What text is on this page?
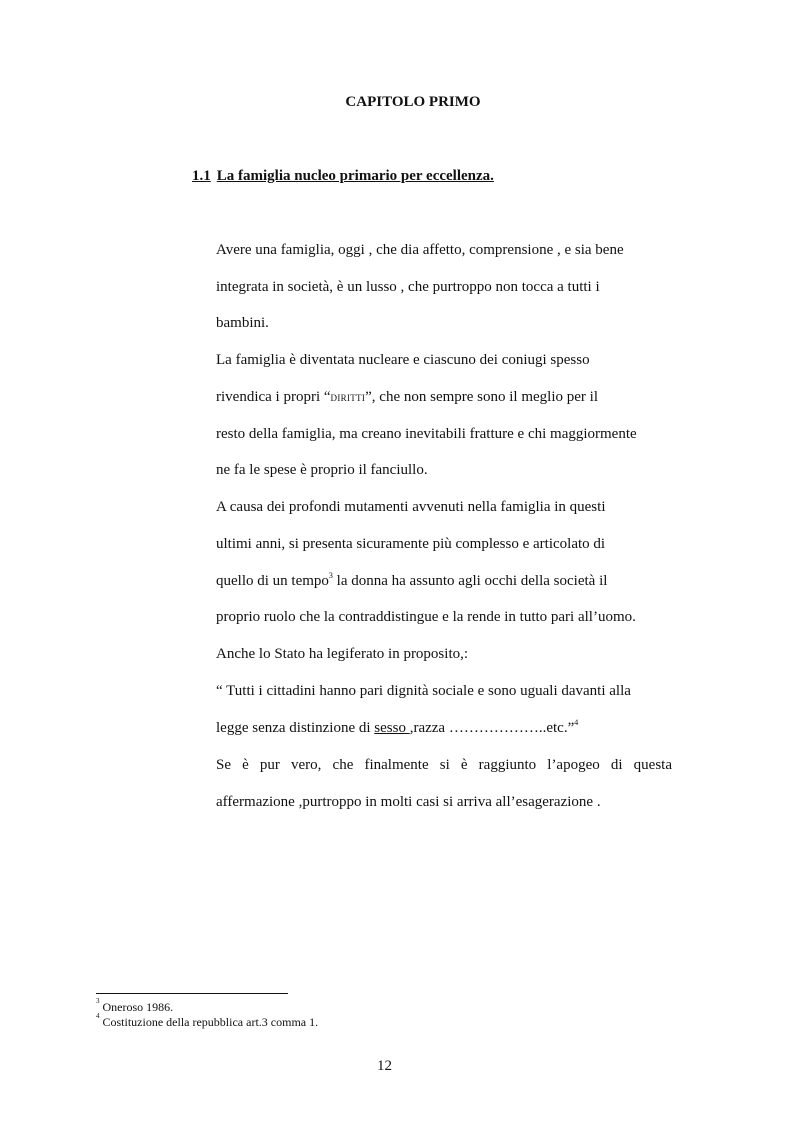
CAPITOLO PRIMO
1.1 La famiglia nucleo primario per eccellenza.
Avere una famiglia, oggi , che dia affetto, comprensione , e sia bene
integrata in società, è un lusso , che purtroppo non tocca a tutti i
bambini.
La famiglia è diventata nucleare e ciascuno dei coniugi spesso
rivendica i propri “diritti”, che non sempre sono il meglio per il
resto della famiglia, ma creano inevitabili fratture e chi maggiormente
ne fa le spese è proprio il fanciullo.
A causa dei profondi mutamenti avvenuti nella famiglia in questi
ultimi anni, si presenta sicuramente più complesso e articolato di
quello di un tempo$^3$ la donna ha assunto agli occhi della società il
proprio ruolo che la contraddistingue e la rende in tutto pari all’uomo.
Anche lo Stato ha legiferato in proposito,:
“ Tutti i cittadini hanno pari dignità sociale e sono uguali davanti alla
legge senza distinzione di sesso ,razza ………………..etc.”$^4$
Se è pur vero, che finalmente si è raggiunto l’apogeo di questa
affermazione ,purtroppo in molti casi si arriva all’esagerazione .
$^3$ Oneroso 1986.
$^4$ Costituzione della repubblica art.3 comma 1.
12
